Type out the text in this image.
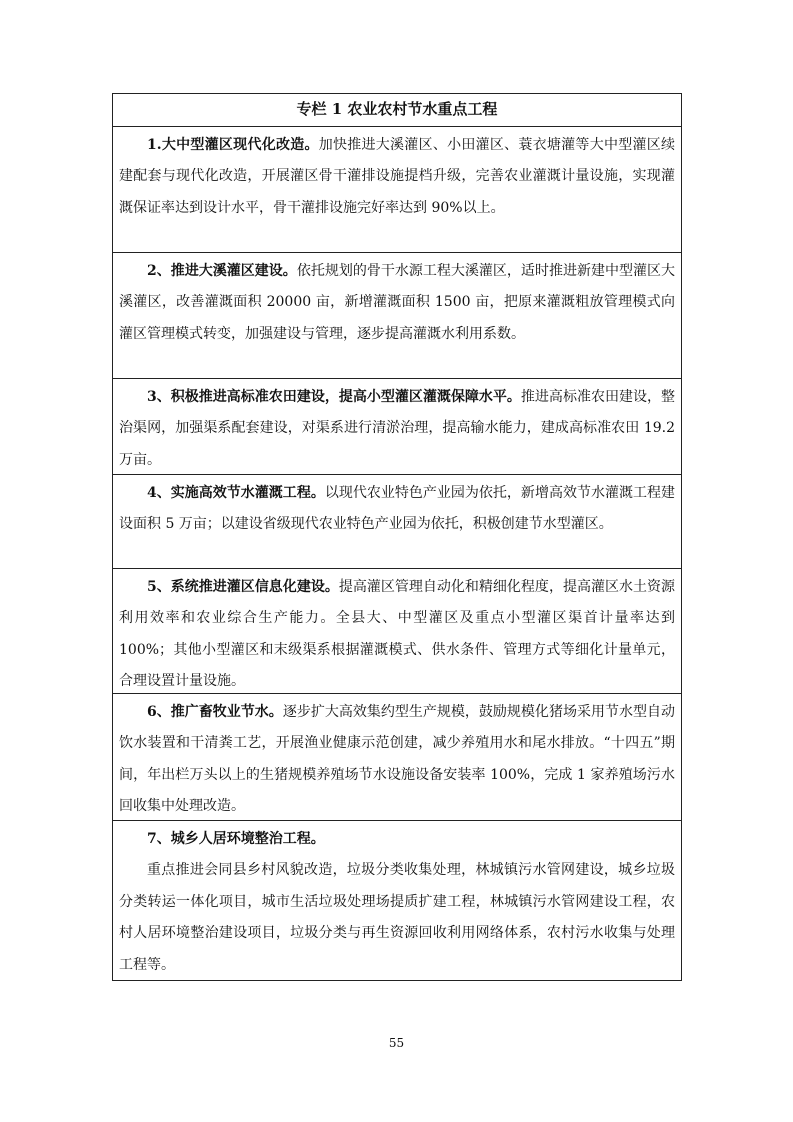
专栏 1 农业农村节水重点工程
1.大中型灌区现代化改造。加快推进大溪灌区、小田灌区、蓑衣塘灌等大中型灌区续建配套与现代化改造，开展灌区骨干灌排设施提档升级，完善农业灌溉计量设施，实现灌溉保证率达到设计水平，骨干灌排设施完好率达到 90%以上。
2、推进大溪灌区建设。依托规划的骨干水源工程大溪灌区，适时推进新建中型灌区大溪灌区，改善灌溉面积 20000 亩，新增灌溉面积 1500 亩，把原来灌溉粗放管理模式向灌区管理模式转变，加强建设与管理，逐步提高灌溉水利用系数。
3、积极推进高标准农田建设，提高小型灌区灌溉保障水平。推进高标准农田建设，整治渠网，加强渠系配套建设，对渠系进行清淤治理，提高输水能力，建成高标准农田 19.2 万亩。
4、实施高效节水灌溉工程。以现代农业特色产业园为依托，新增高效节水灌溉工程建设面积 5 万亩；以建设省级现代农业特色产业园为依托，积极创建节水型灌区。
5、系统推进灌区信息化建设。提高灌区管理自动化和精细化程度，提高灌区水土资源利用效率和农业综合生产能力。全县大、中型灌区及重点小型灌区渠首计量率达到 100%；其他小型灌区和末级渠系根据灌溉模式、供水条件、管理方式等细化计量单元，合理设置计量设施。
6、推广畜牧业节水。逐步扩大高效集约型生产规模，鼓励规模化猪场采用节水型自动饮水装置和干清粪工艺，开展渔业健康示范创建，减少养殖用水和尾水排放。“十四五”期间，年出栏万头以上的生猪规模养殖场节水设施设备安装率 100%，完成 1 家养殖场污水回收集中处理改造。
7、城乡人居环境整治工程。

重点推进会同县乡村风貌改造，垃圾分类收集处理，林城镇污水管网建设，城乡垃圾分类转运一体化项目，城市生活垃圾处理场提质扩建工程，林城镇污水管网建设工程，农村人居环境整治建设项目，垃圾分类与再生资源回收利用网络体系，农村污水收集与处理工程等。

55
